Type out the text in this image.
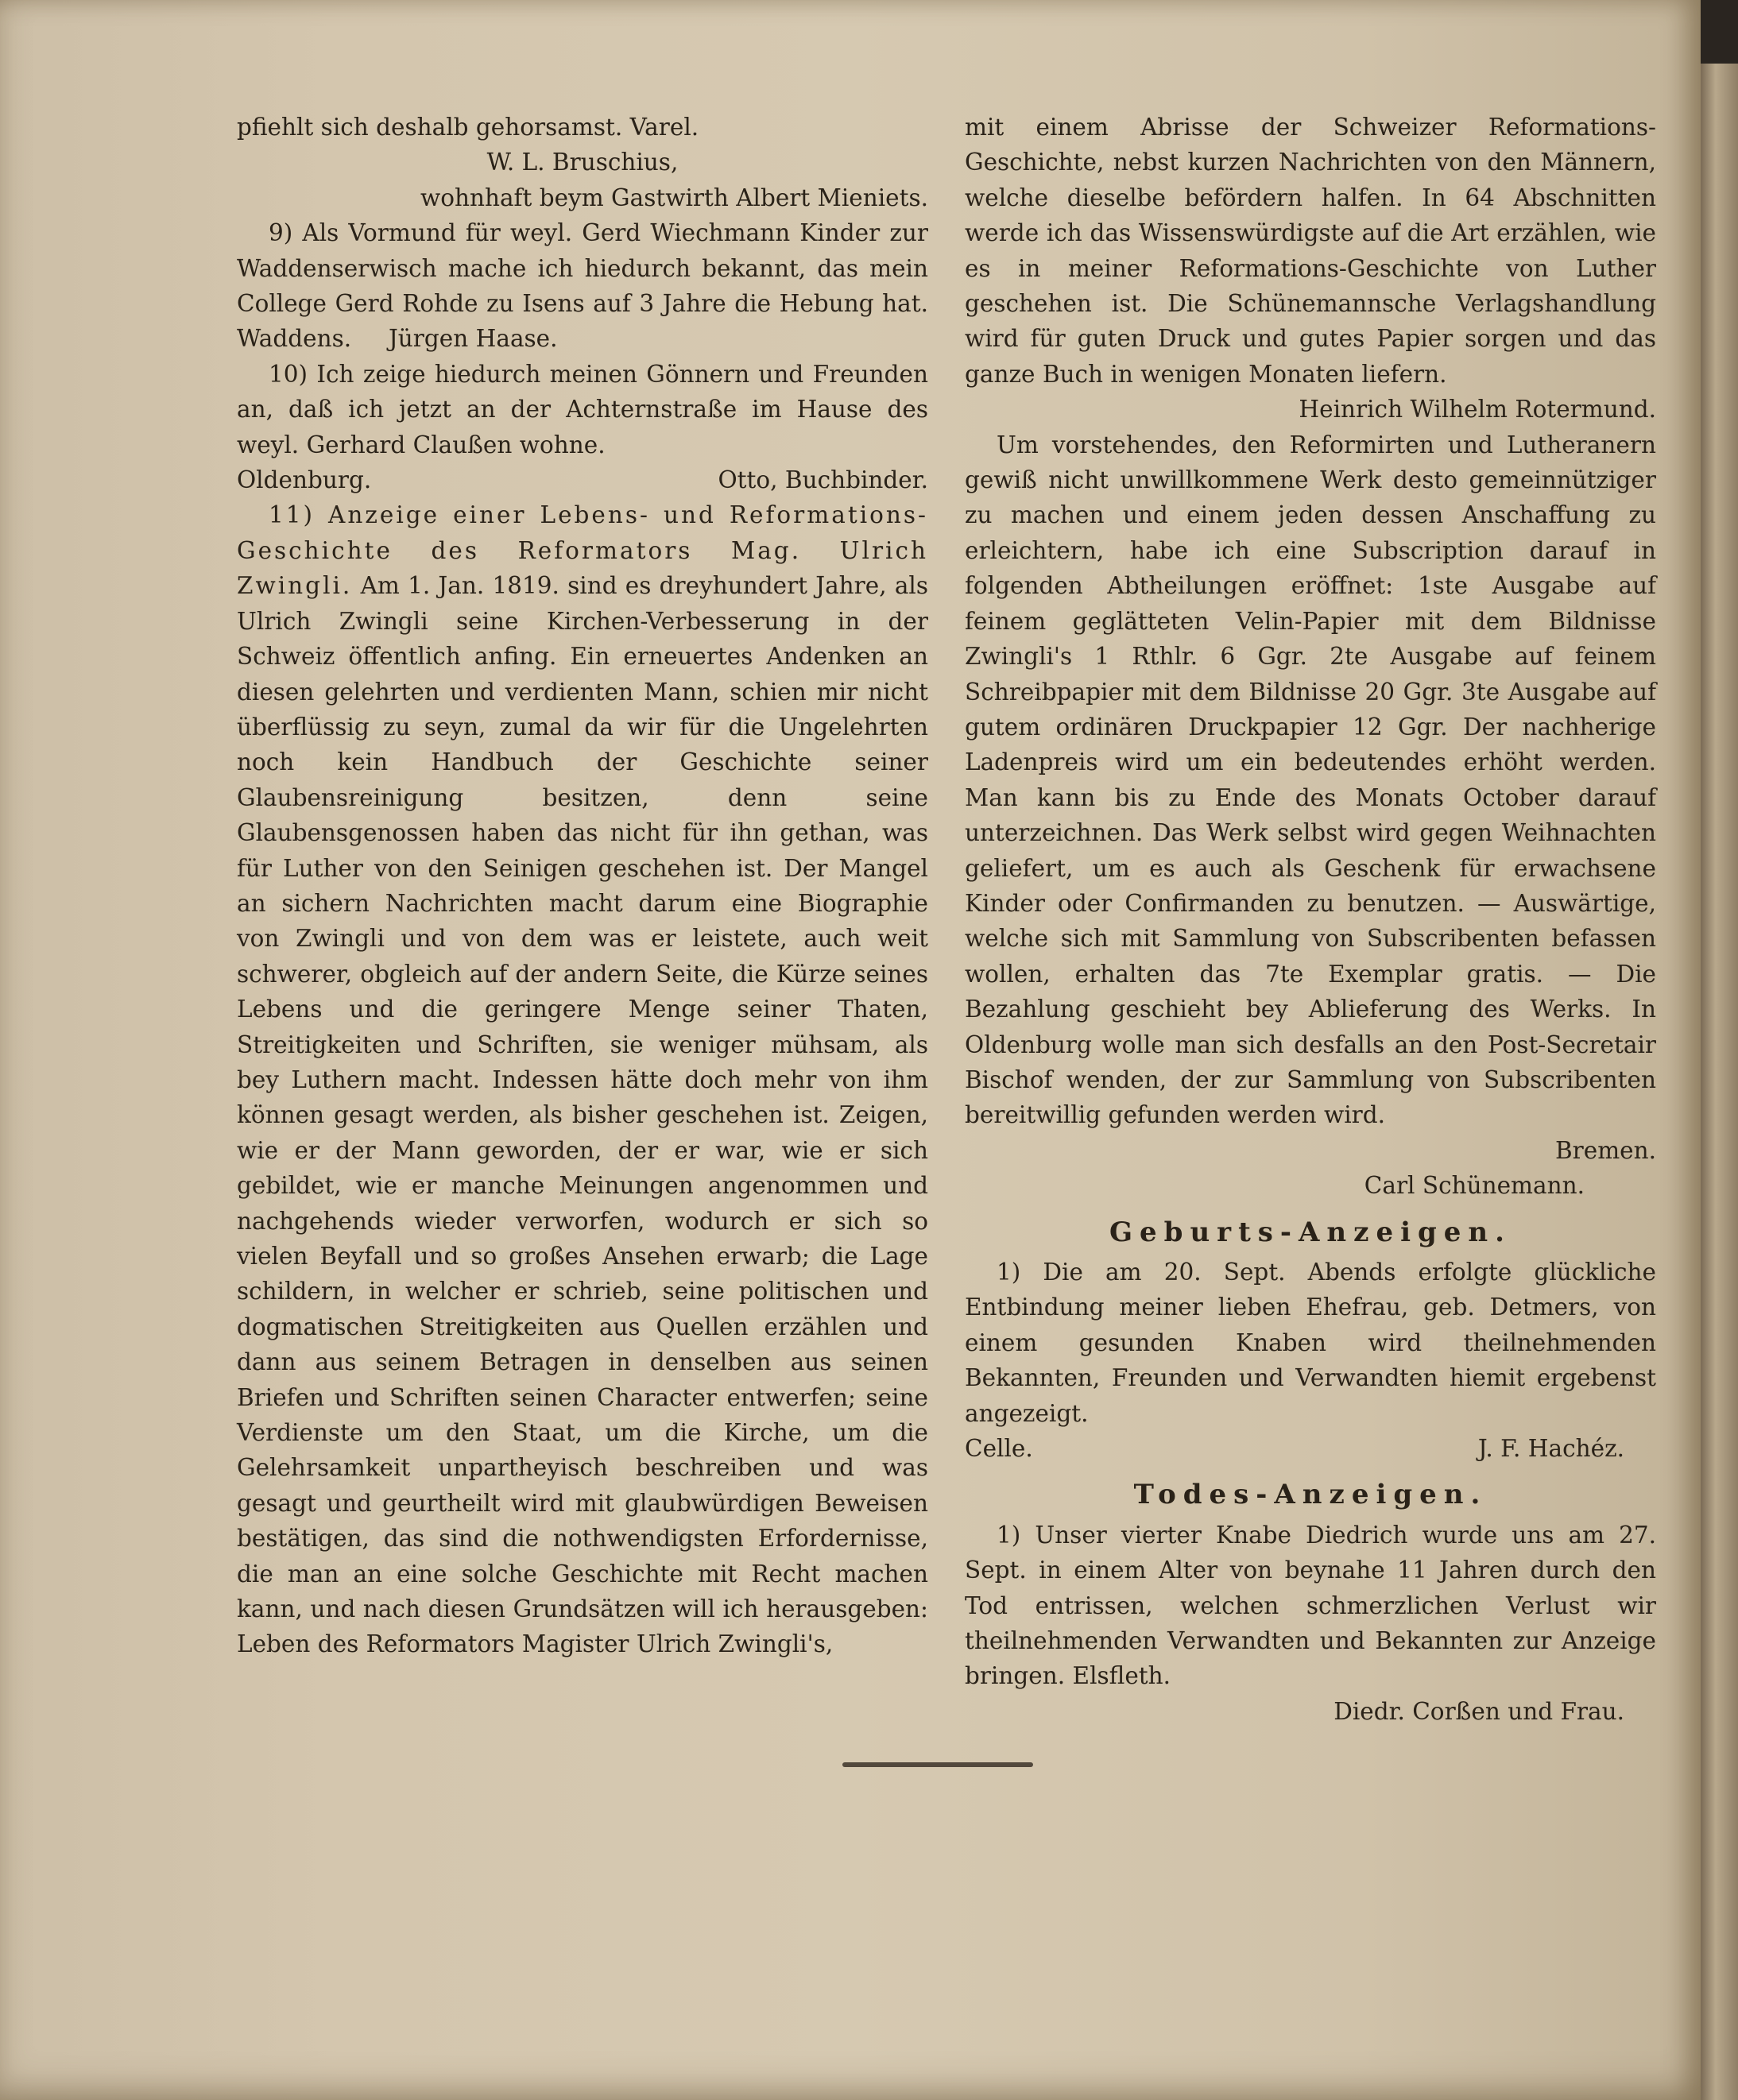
pfiehlt sich deshalb gehorsamst. Varel.

W. L. Bruschius,

wohnhaft beym Gastwirth Albert Mieniets.

9) Als Vormund für weyl. Gerd Wiechmann Kinder zur Waddenserwisch mache ich hiedurch bekannt, das mein College Gerd Rohde zu Isens auf 3 Jahre die Hebung hat. Waddens. Jürgen Haase.

10) Ich zeige hiedurch meinen Gönnern und Freunden an, daß ich jetzt an der Achternstraße im Hause des weyl. Gerhard Claußen wohne.

Oldenburg.	Otto, Buchbinder.

11) Anzeige einer Lebens- und Reformations-Geschichte des Reformators Mag. Ulrich Zwingli. Am 1. Jan. 1819. sind es dreyhundert Jahre, als Ulrich Zwingli seine Kirchen-Verbesserung in der Schweiz öffentlich anfing. Ein erneuertes Andenken an diesen gelehrten und verdienten Mann, schien mir nicht überflüssig zu seyn, zumal da wir für die Ungelehrten noch kein Handbuch der Geschichte seiner Glaubensreinigung besitzen, denn seine Glaubensgenossen haben das nicht für ihn gethan, was für Luther von den Seinigen geschehen ist. Der Mangel an sichern Nachrichten macht darum eine Biographie von Zwingli und von dem was er leistete, auch weit schwerer, obgleich auf der andern Seite, die Kürze seines Lebens und die geringere Menge seiner Thaten, Streitigkeiten und Schriften, sie weniger mühsam, als bey Luthern macht. Indessen hätte doch mehr von ihm können gesagt werden, als bisher geschehen ist. Zeigen, wie er der Mann geworden, der er war, wie er sich gebildet, wie er manche Meinungen angenommen und nachgehends wieder verworfen, wodurch er sich so vielen Beyfall und so großes Ansehen erwarb; die Lage schildern, in welcher er schrieb, seine politischen und dogmatischen Streitigkeiten aus Quellen erzählen und dann aus seinem Betragen in denselben aus seinen Briefen und Schriften seinen Character entwerfen; seine Verdienste um den Staat, um die Kirche, um die Gelehrsamkeit unpartheyisch beschreiben und was gesagt und geurtheilt wird mit glaubwürdigen Beweisen bestätigen, das sind die nothwendigsten Erfordernisse, die man an eine solche Geschichte mit Recht machen kann, und nach diesen Grundsätzen will ich herausgeben: Leben des Reformators Magister Ulrich Zwingli's,

mit einem Abrisse der Schweizer Reformations-Geschichte, nebst kurzen Nachrichten von den Männern, welche dieselbe befördern halfen. In 64 Abschnitten werde ich das Wissenswürdigste auf die Art erzählen, wie es in meiner Reformations-Geschichte von Luther geschehen ist. Die Schünemannsche Verlagshandlung wird für guten Druck und gutes Papier sorgen und das ganze Buch in wenigen Monaten liefern.

Heinrich Wilhelm Rotermund.

Um vorstehendes, den Reformirten und Lutheranern gewiß nicht unwillkommene Werk desto gemeinnütziger zu machen und einem jeden dessen Anschaffung zu erleichtern, habe ich eine Subscription darauf in folgenden Abtheilungen eröffnet: 1ste Ausgabe auf feinem geglätteten Velin-Papier mit dem Bildnisse Zwingli's 1 Rthlr. 6 Ggr. 2te Ausgabe auf feinem Schreibpapier mit dem Bildnisse 20 Ggr. 3te Ausgabe auf gutem ordinären Druckpapier 12 Ggr. Der nachherige Ladenpreis wird um ein bedeutendes erhöht werden. Man kann bis zu Ende des Monats October darauf unterzeichnen. Das Werk selbst wird gegen Weihnachten geliefert, um es auch als Geschenk für erwachsene Kinder oder Confirmanden zu benutzen. — Auswärtige, welche sich mit Sammlung von Subscribenten befassen wollen, erhalten das 7te Exemplar gratis. — Die Bezahlung geschieht bey Ablieferung des Werks. In Oldenburg wolle man sich desfalls an den Post-Secretair Bischof wenden, der zur Sammlung von Subscribenten bereitwillig gefunden werden wird.

Bremen.

Carl Schünemann.

Geburts-Anzeigen.

1) Die am 20. Sept. Abends erfolgte glückliche Entbindung meiner lieben Ehefrau, geb. Detmers, von einem gesunden Knaben wird theilnehmenden Bekannten, Freunden und Verwandten hiemit ergebenst angezeigt.

Celle.	J. F. Hachéz.

Todes-Anzeigen.

1) Unser vierter Knabe Diedrich wurde uns am 27. Sept. in einem Alter von beynahe 11 Jahren durch den Tod entrissen, welchen schmerzlichen Verlust wir theilnehmenden Verwandten und Bekannten zur Anzeige bringen. Elsfleth.

Diedr. Corßen und Frau.
